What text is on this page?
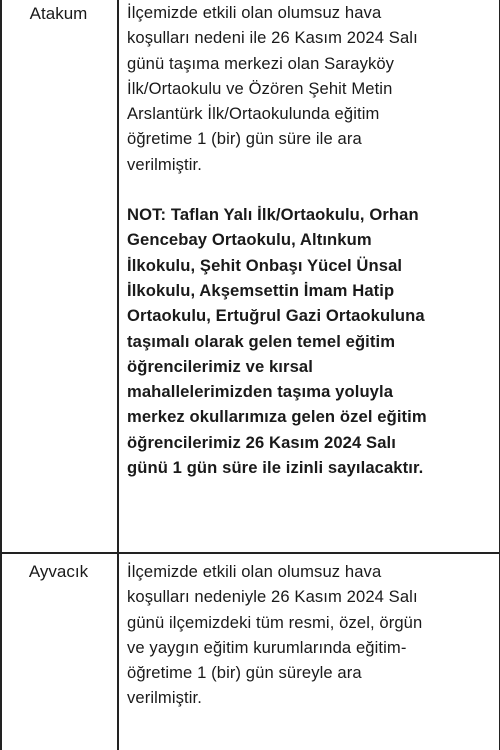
Atakum	İlçemizde etkili olan olumsuz hava
koşulları nedeni ile 26 Kasım 2024 Salı
günü taşıma merkezi olan Saraykӧy
İlk/Ortaokulu ve Özören Şehit Metin
Arslantürk İlk/Ortaokulunda eğitim
öğretime 1 (bir) gün süre ile ara
verilmiştir.
NOT: Taflan Yalı İlk/Ortaokulu, Orhan
Gencebay Ortaokulu, Altınkum
İlkokulu, Şehit Onbaşı Yücel Ünsal
İlkokulu, Akşemsettin İmam Hatip
Ortaokulu, Ertuğrul Gazi Ortaokuluna
taşımalı olarak gelen temel eğitim
öğrencilerimiz ve kırsal
mahallelerimizden taşıma yoluyla
merkez okullarımıza gelen özel eğitim
öğrencilerimiz 26 Kasım 2024 Salı
günü 1 gün süre ile izinli sayılacaktır.
Ayvacık	İlçemizde etkili olan olumsuz hava
koşulları nedeniyle 26 Kasım 2024 Salı
günü ilçemizdeki tüm resmi, özel, örgün
ve yaygın eğitim kurumlarında eğitim-
öğretime 1 (bir) gün süreyle ara
verilmiştir.
